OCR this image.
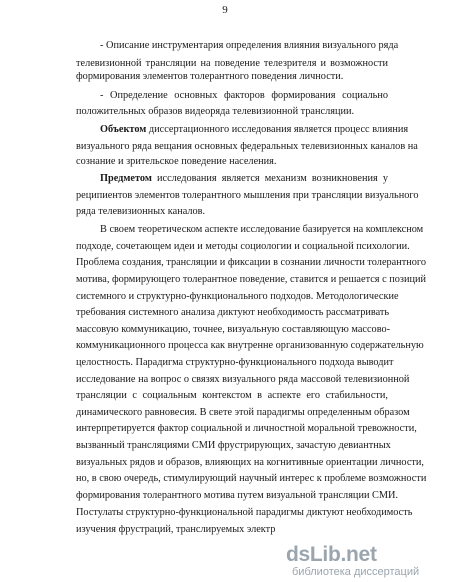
9
- Описание инструментария определения влияния визуального ряда
телевизионной трансляции на поведение телезрителя и возможности
формирования элементов толерантного поведения личности.
- Определение основных факторов формирования социально
положительных образов видеоряда телевизионной трансляции.
Объектом диссертационного исследования является процесс влияния
визуального ряда вещания основных федеральных телевизионных каналов на
сознание и зрительское поведение населения.
Предметом исследования является механизм возникновения у
реципиентов элементов толерантного мышления при трансляции визуального
ряда телевизионных каналов.
В своем теоретическом аспекте исследование базируется на комплексном
подходе, сочетающем идеи и методы социологии и социальной психологии.
Проблема создания, трансляции и фиксации в сознании личности толерантного
мотива, формирующего толерантное поведение, ставится и решается с позиций
системного и структурно-функционального подходов. Методологические
требования системного анализа диктуют необходимость рассматривать
массовую коммуникацию, точнее, визуальную составляющую массово-
коммуникационного процесса как внутренне организованную содержательную
целостность. Парадигма структурно-функционального подхода выводит
исследование на вопрос о связях визуального ряда массовой телевизионной
трансляции с социальным контекстом в аспекте его стабильности,
динамического равновесия. В свете этой парадигмы определенным образом
интерпретируется фактор социальной и личностной моральной тревожности,
вызванный трансляциями СМИ фрустрирующих, зачастую девиантных
визуальных рядов и образов, влияющих на когнитивные ориентации личности,
но, в свою очередь, стимулирующий научный интерес к проблеме возможности
формирования толерантного мотива путем визуальной трансляции СМИ.
Постулаты структурно-функциональной парадигмы диктуют необходимость
изучения фрустраций, транслируемых электр
dsLib.net
библиотека диссертаций
